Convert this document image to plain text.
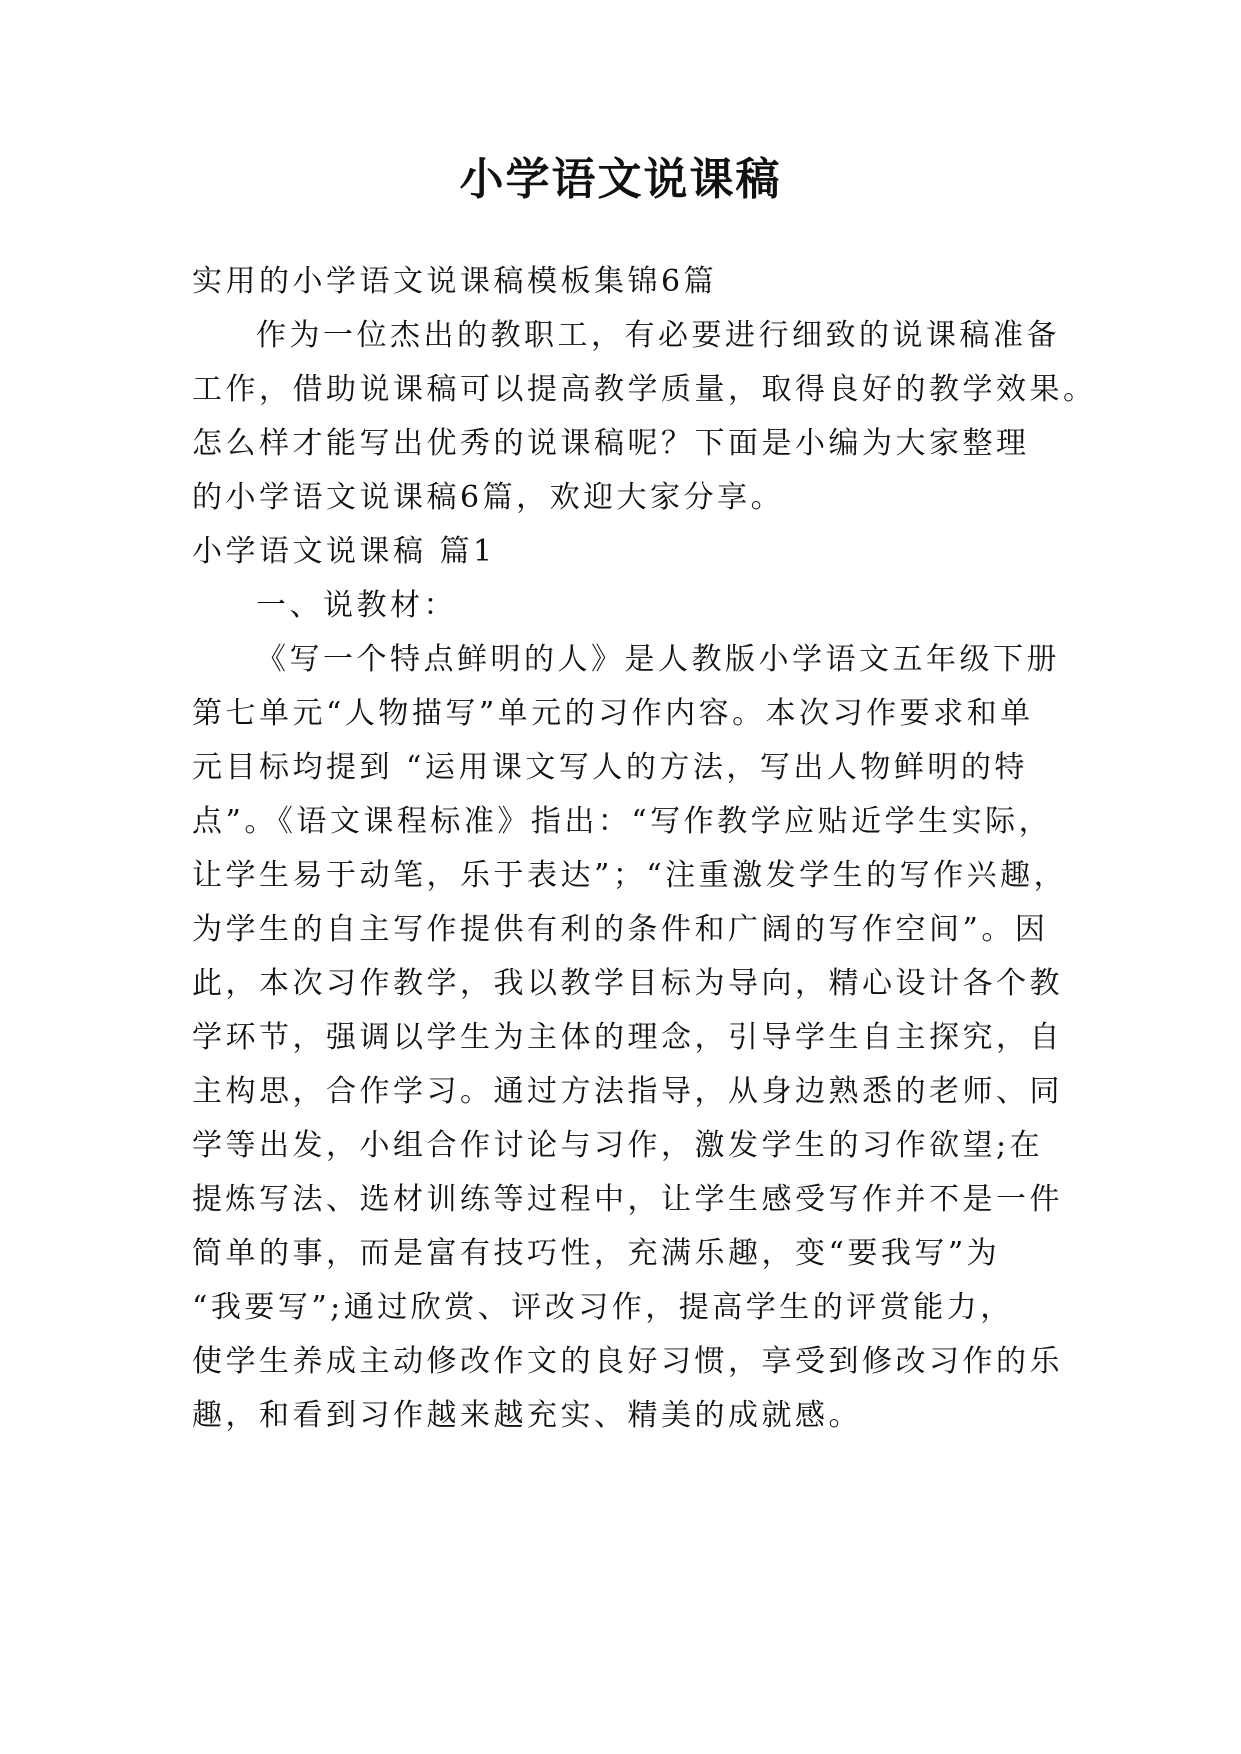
小学语文说课稿

实用的小学语文说课稿模板集锦6篇

作为一位杰出的教职工，有必要进行细致的说课稿准备

工作，借助说课稿可以提高教学质量，取得良好的教学效果。

怎么样才能写出优秀的说课稿呢？下面是小编为大家整理

的小学语文说课稿6篇，欢迎大家分享。

小学语文说课稿 篇1

一、说教材：

《写一个特点鲜明的人》是人教版小学语文五年级下册

第七单元“人物描写”单元的习作内容。本次习作要求和单

元目标均提到 “运用课文写人的方法，写出人物鲜明的特

点”。《语文课程标准》指出：“写作教学应贴近学生实际，

让学生易于动笔，乐于表达”；“注重激发学生的写作兴趣，

为学生的自主写作提供有利的条件和广阔的写作空间”。因

此，本次习作教学，我以教学目标为导向，精心设计各个教

学环节，强调以学生为主体的理念，引导学生自主探究，自

主构思，合作学习。通过方法指导，从身边熟悉的老师、同

学等出发，小组合作讨论与习作，激发学生的习作欲望;在

提炼写法、选材训练等过程中，让学生感受写作并不是一件

简单的事，而是富有技巧性，充满乐趣，变“要我写”为

“我要写”;通过欣赏、评改习作，提高学生的评赏能力，

使学生养成主动修改作文的良好习惯，享受到修改习作的乐

趣，和看到习作越来越充实、精美的成就感。
